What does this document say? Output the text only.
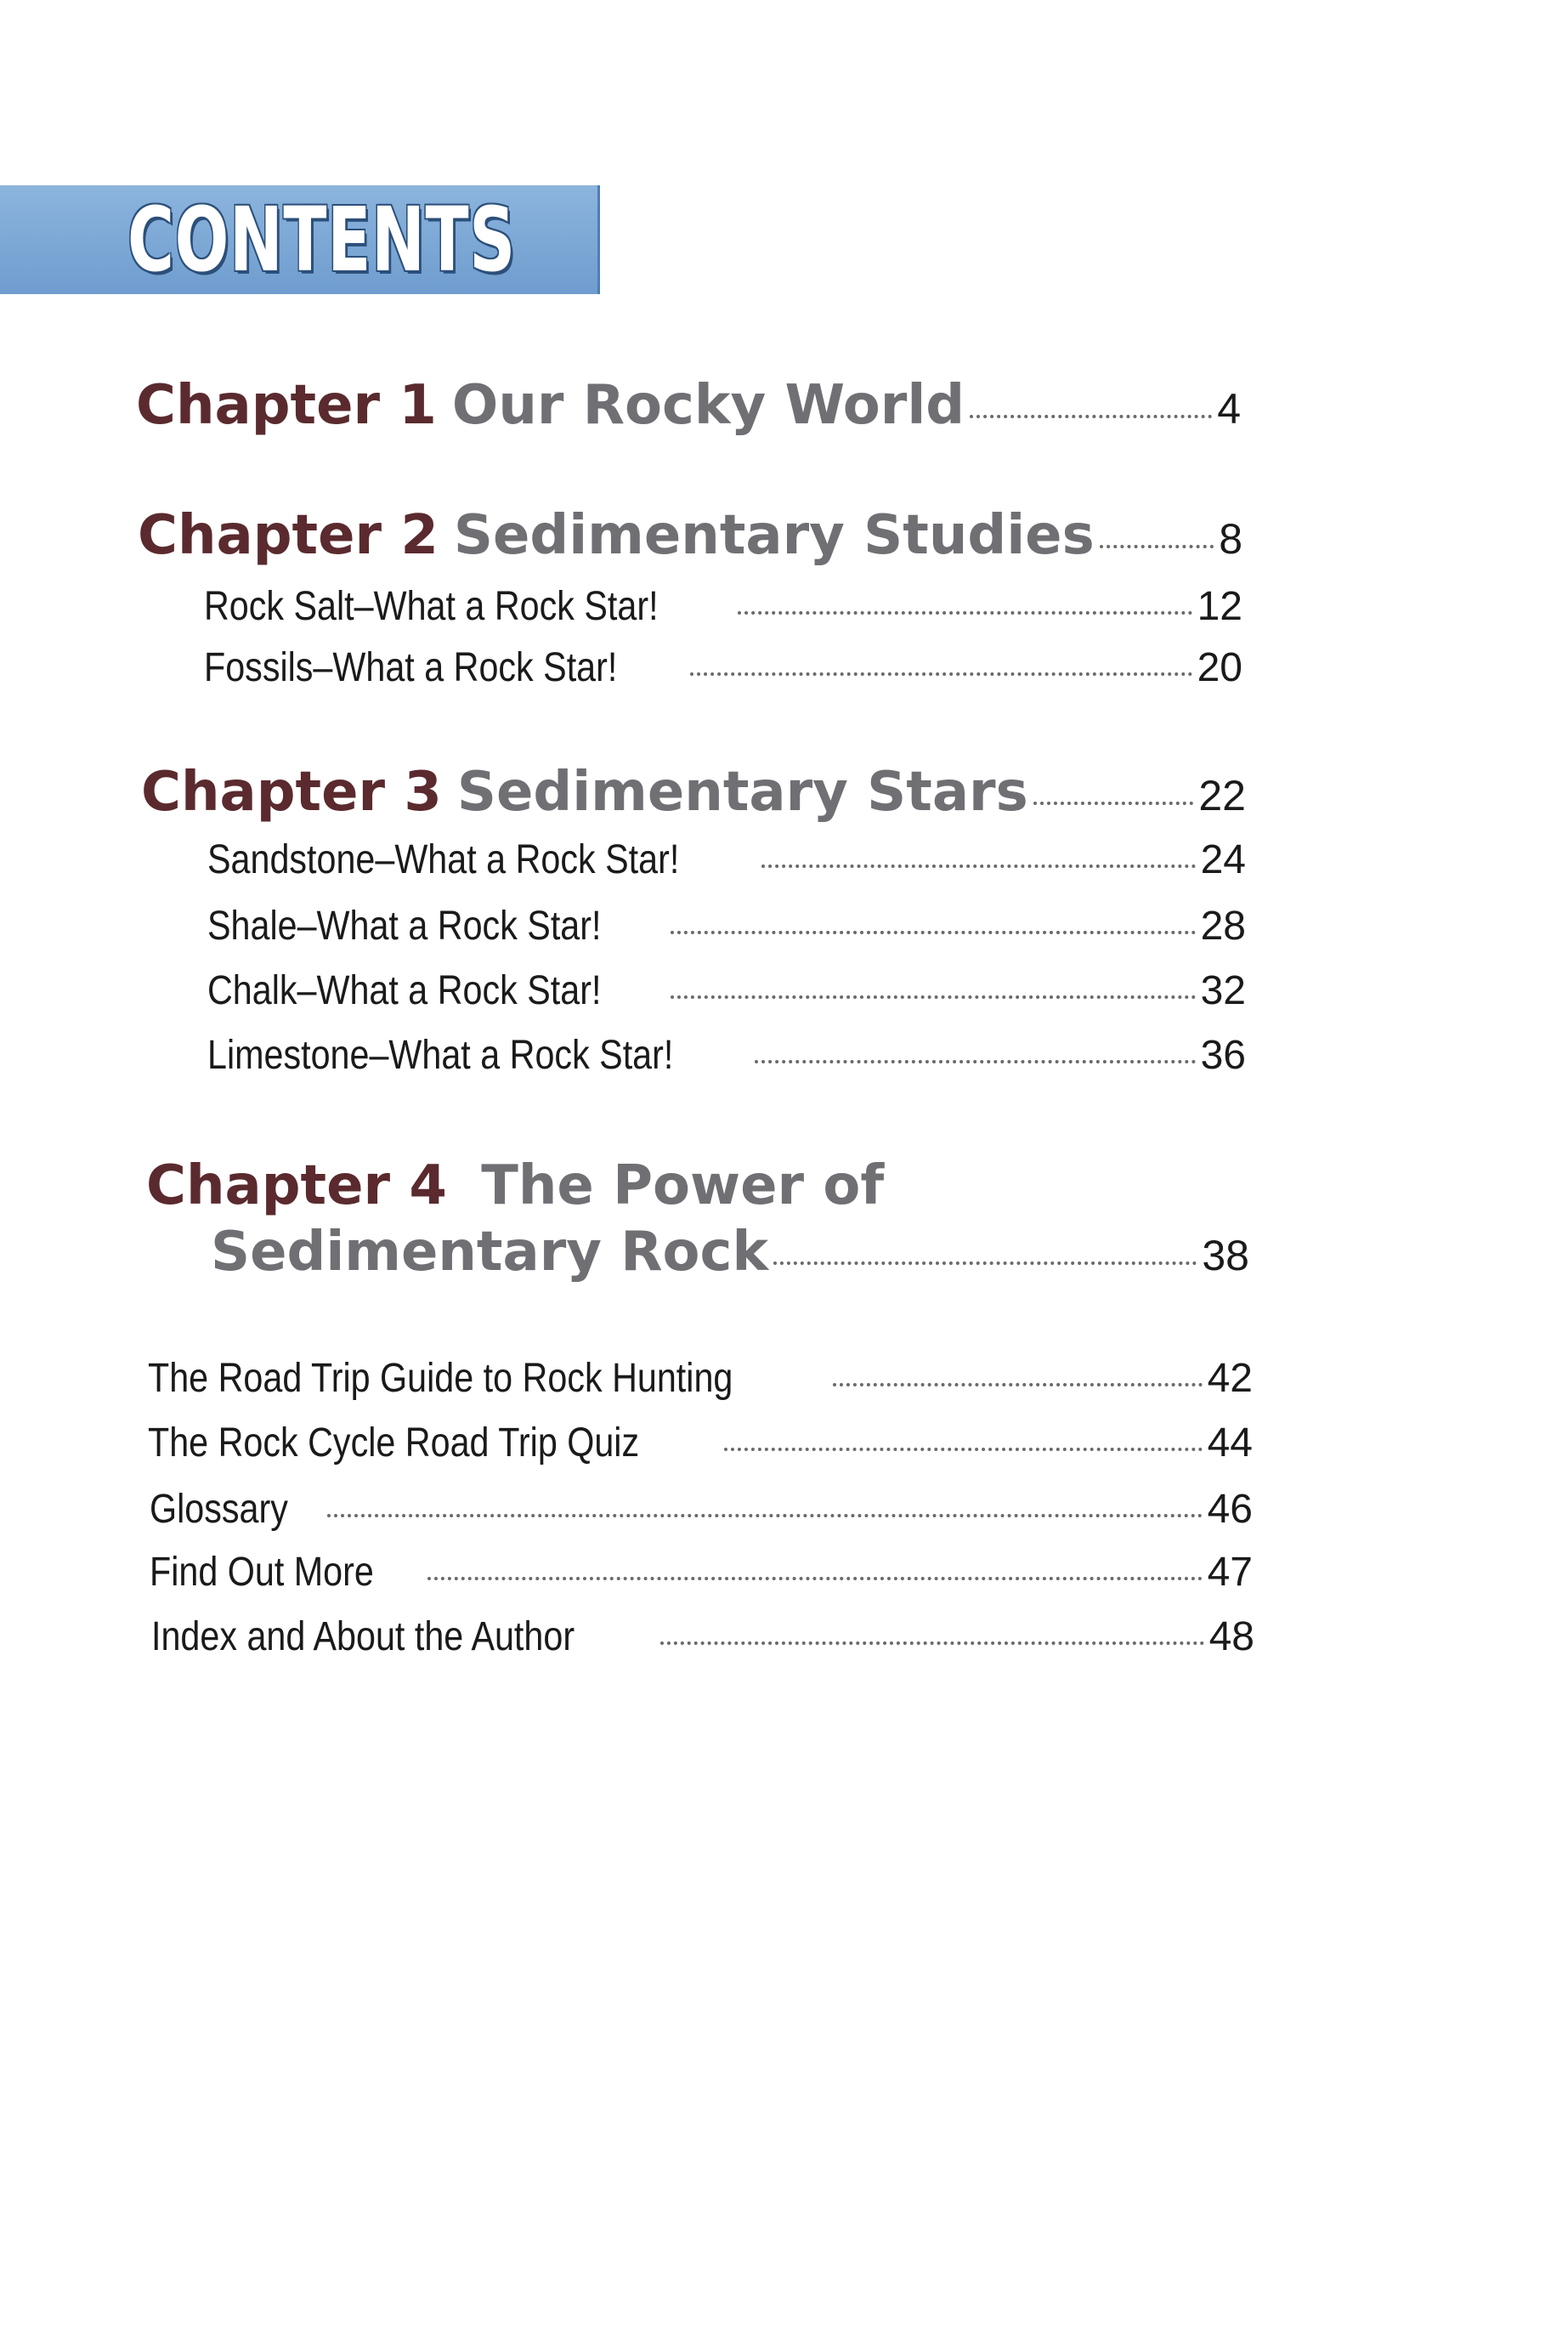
CONTENTS
Chapter 1 Our Rocky World	4
Chapter 2 Sedimentary Studies	8
Rock Salt–What a Rock Star!	12
Fossils–What a Rock Star!	20
Chapter 3 Sedimentary Stars	22
Sandstone–What a Rock Star!	24
Shale–What a Rock Star!	28
Chalk–What a Rock Star!	32
Limestone–What a Rock Star!	36
Chapter 4 The Power of
Sedimentary Rock	38
The Road Trip Guide to Rock Hunting	42
The Rock Cycle Road Trip Quiz	44
Glossary	46
Find Out More	47
Index and About the Author	48
